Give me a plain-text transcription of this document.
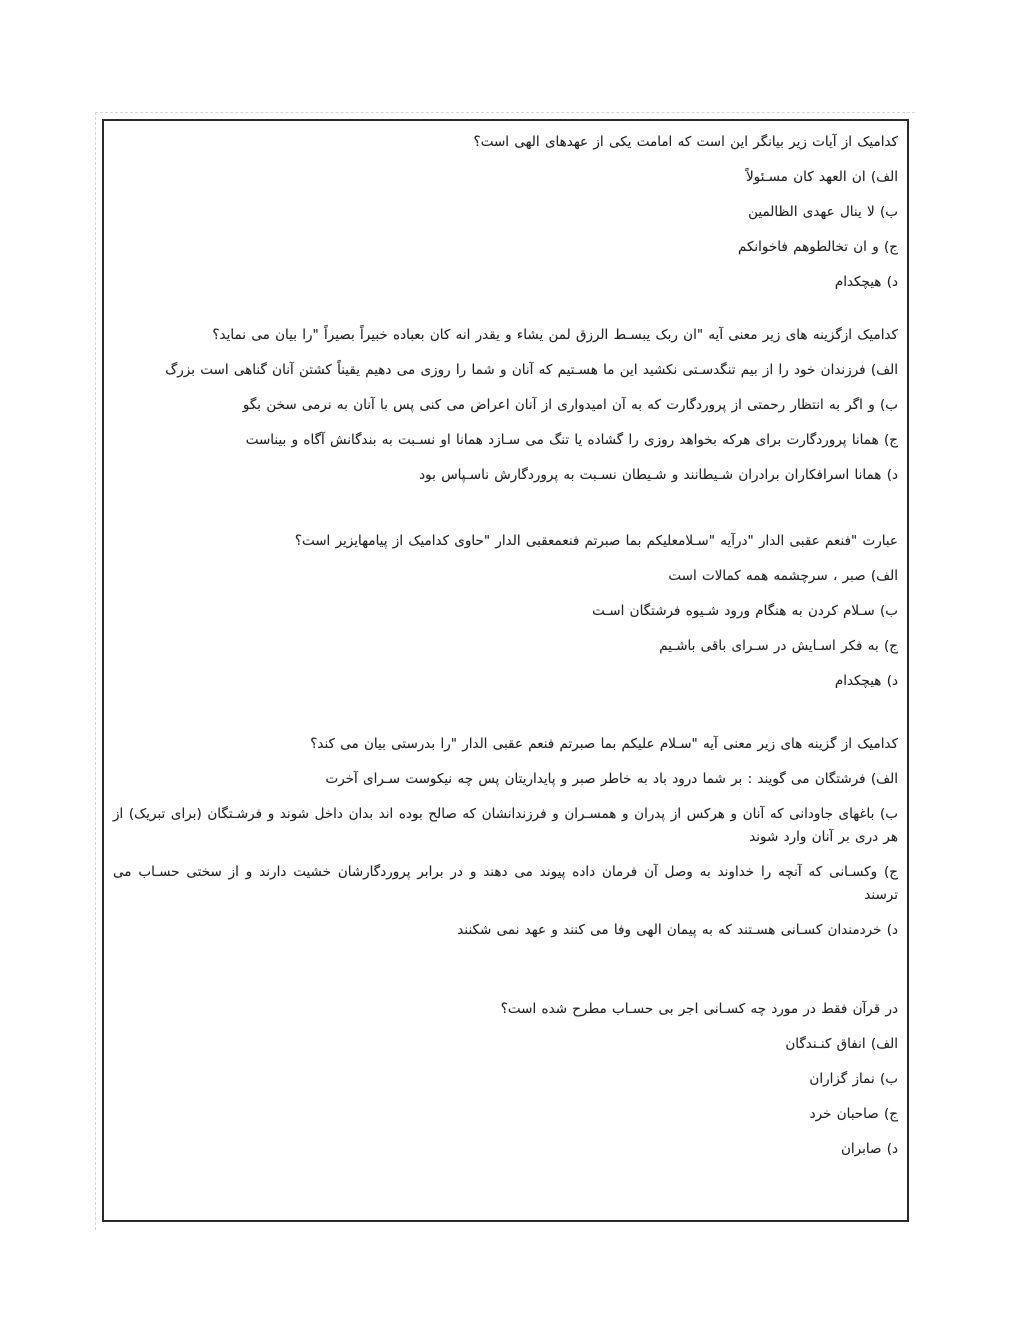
کدامیک از آیات زیر بیانگر این است که امامت یکی از عهدهای الهی است؟

الف) ان العهد کان مسـئولاً

ب) لا ینال عهدی الظالمین

ج) و ان تخالطوهم فاخوانکم

د) هیچکدام

کدامیک ازگزینه های زیر معنی آیه "ان ربک یبسـط الرزق لمن یشاء و یقدر انه کان بعباده خبیراً بصیراً "را بیان می نماید؟

الف) فرزندان خود را از بیم تنگدسـتی نکشید این ما هسـتیم که آنان و شما را روزی می دهیم یقیناً کشتن آنان گناهی است بزرگ

ب) و اگر به انتظار رحمتی از پروردگارت که به آن امیدواری از آنان اعراض می کنی پس با آنان به نرمی سخن بگو

ج) همانا پروردگارت برای هرکه بخواهد روزی را گشاده یا تنگ می سـازد همانا او نسـبت به بندگانش آگاه و بیناست

د) همانا اسرافکاران برادران شـیطانند و شـیطان نسـبت به پروردگارش ناسـپاس بود

عبارت "فنعم عقبی الدار "درآیه "سـلامعلیکم بما صبرتم فنعمعقبی الدار "حاوی کدامیک از پیامهایزیر است؟

الف) صبر ، سرچشمه همه کمالات است

ب) سـلام کردن به هنگام ورود شـیوه فرشتگان اسـت

ج) به فکر اسـایش در سـرای باقی باشـیم

د) هیچکدام

کدامیک از گزینه های زیر معنی آیه "سـلام علیکم بما صبرتم فنعم عقبی الدار "را بدرستی بیان می کند؟

الف) فرشتگان می گویند : بر شما درود باد به خاطر صبر و پایداریتان پس چه نیکوست سـرای آخرت

ب) باغهای جاودانی که آنان و هرکس از پدران و همسـران و فرزندانشان که صالح بوده اند بدان داخل شوند و فرشـتگان (برای تبریک) از هر دری بر آنان وارد شوند

ج) وکسـانی که آنچه را خداوند به وصل آن فرمان داده پیوند می دهند و در برابر پروردگارشان خشیت دارند و از سختی حسـاب می ترسند

د) خردمندان کسـانی هسـتند که به پیمان الهی وفا می کنند و عهد نمی شکنند

در قرآن فقط در مورد چه کسـانی اجر بی حسـاب مطرح شده است؟

الف) انفاق کنـندگان

ب) نماز گزاران

ج) صاحبان خرد

د) صابران
